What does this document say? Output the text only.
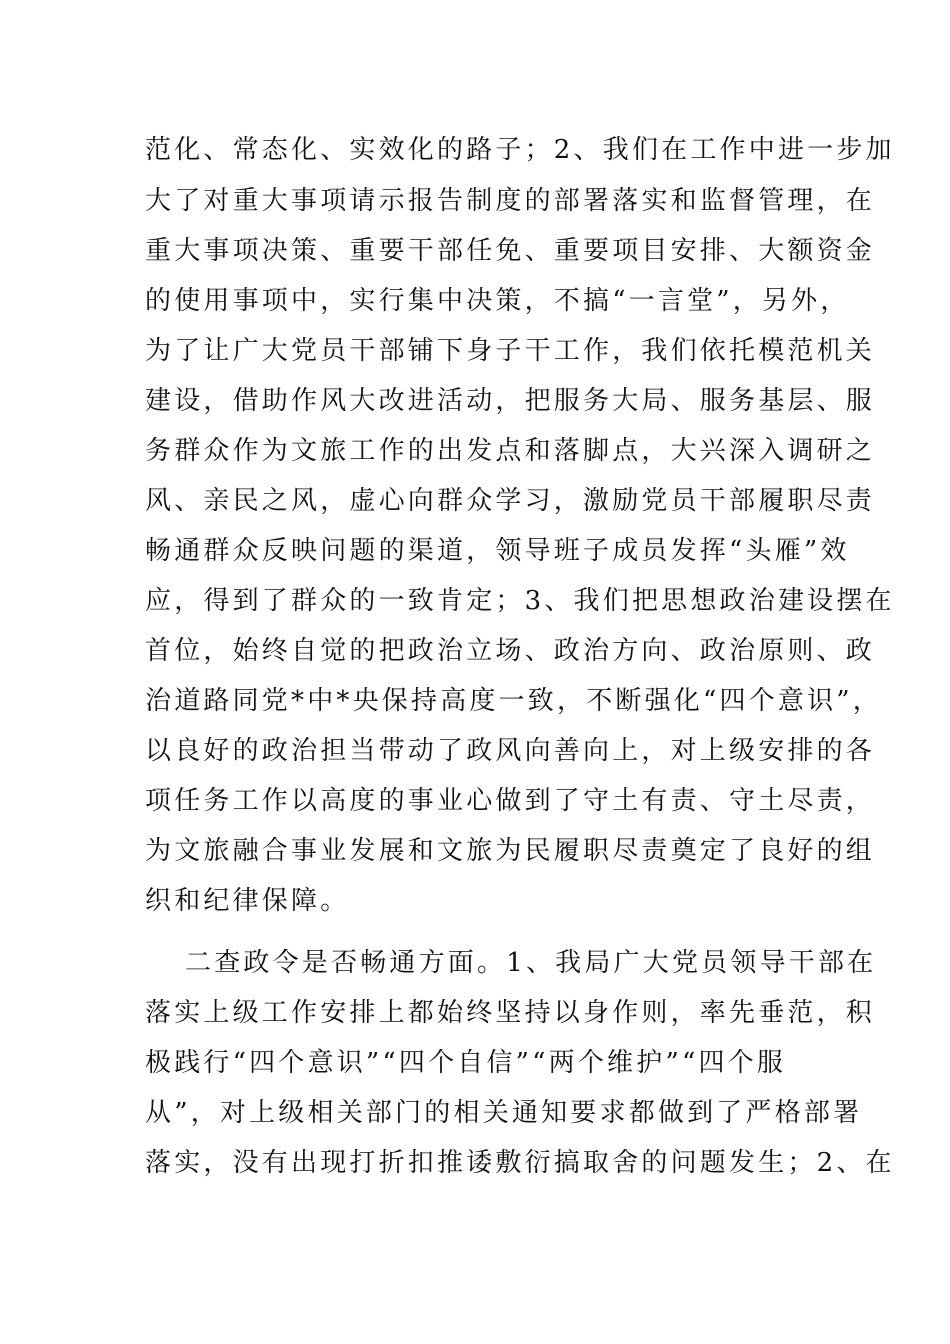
范化、常态化、实效化的路子；2、我们在工作中进一步加
大了对重大事项请示报告制度的部署落实和监督管理，在
重大事项决策、重要干部任免、重要项目安排、大额资金
的使用事项中，实行集中决策，不搞“一言堂”，另外，
为了让广大党员干部铺下身子干工作，我们依托模范机关
建设，借助作风大改进活动，把服务大局、服务基层、服
务群众作为文旅工作的出发点和落脚点，大兴深入调研之
风、亲民之风，虚心向群众学习，激励党员干部履职尽责
畅通群众反映问题的渠道，领导班子成员发挥“头雁”效
应，得到了群众的一致肯定；3、我们把思想政治建设摆在
首位，始终自觉的把政治立场、政治方向、政治原则、政
治道路同党*中*央保持高度一致，不断强化“四个意识”，
以良好的政治担当带动了政风向善向上，对上级安排的各
项任务工作以高度的事业心做到了守土有责、守土尽责，
为文旅融合事业发展和文旅为民履职尽责奠定了良好的组
织和纪律保障。
二查政令是否畅通方面。1、我局广大党员领导干部在
落实上级工作安排上都始终坚持以身作则，率先垂范，积
极践行“四个意识”“四个自信”“两个维护”“四个服
从”，对上级相关部门的相关通知要求都做到了严格部署
落实，没有出现打折扣推诿敷衍搞取舍的问题发生；2、在
